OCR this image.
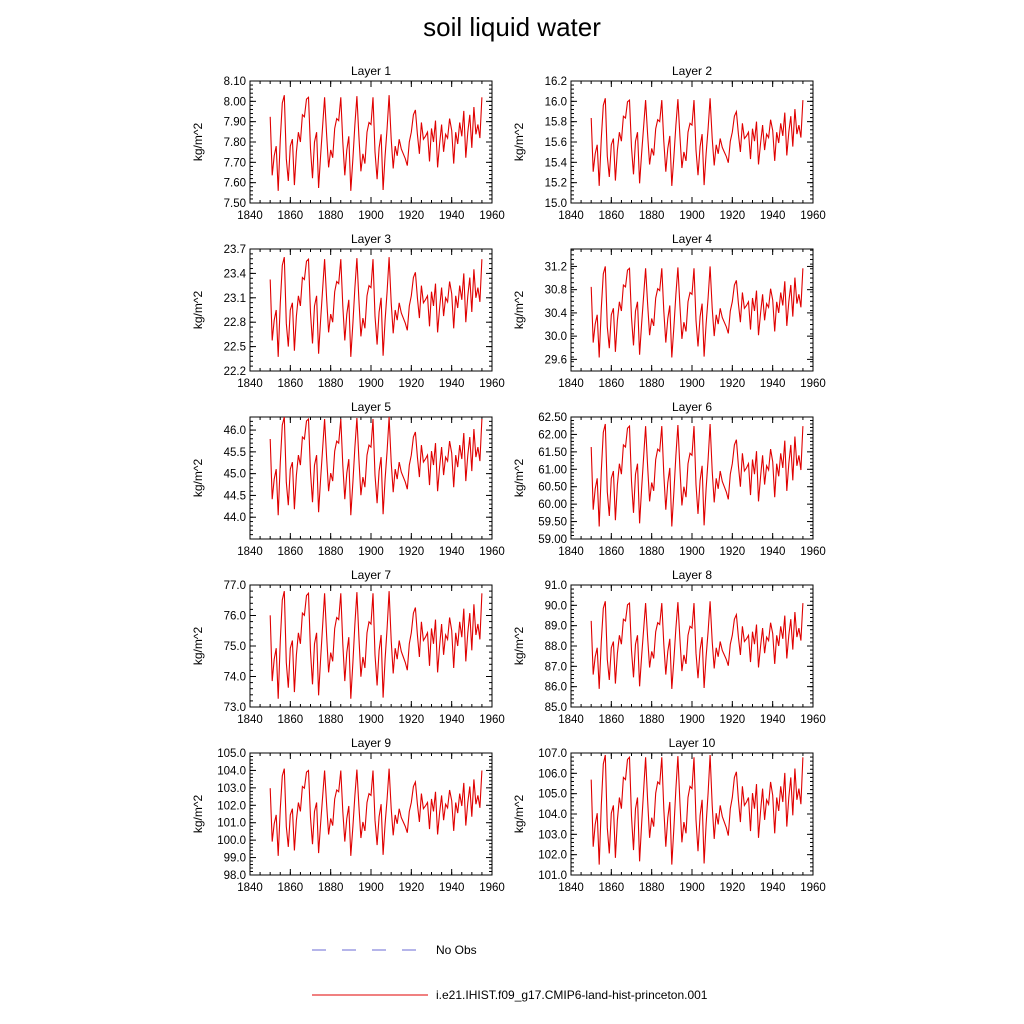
soil liquid water
Layer 1
kg/m^2
7.50
7.60
7.70
7.80
7.90
8.00
8.10
1840 1860 1880 1900 1920 1940 1960
Layer 2
kg/m^2
15.0
15.2
15.4
15.6
15.8
16.0
16.2
1840 1860 1880 1900 1920 1940 1960
Layer 3
kg/m^2
22.2
22.5
22.8
23.1
23.4
23.7
1840 1860 1880 1900 1920 1940 1960
Layer 4
kg/m^2
29.6
30.0
30.4
30.8
31.2
1840 1860 1880 1900 1920 1940 1960
Layer 5
kg/m^2
44.0
44.5
45.0
45.5
46.0
1840 1860 1880 1900 1920 1940 1960
Layer 6
kg/m^2
59.00
59.50
60.00
60.50
61.00
61.50
62.00
62.50
1840 1860 1880 1900 1920 1940 1960
Layer 7
kg/m^2
73.0
74.0
75.0
76.0
77.0
1840 1860 1880 1900 1920 1940 1960
Layer 8
kg/m^2
85.0
86.0
87.0
88.0
89.0
90.0
91.0
1840 1860 1880 1900 1920 1940 1960
Layer 9
kg/m^2
98.0
99.0
100.0
101.0
102.0
103.0
104.0
105.0
1840 1860 1880 1900 1920 1940 1960
Layer 10
kg/m^2
101.0
102.0
103.0
104.0
105.0
106.0
107.0
1840 1860 1880 1900 1920 1940 1960
No Obs
i.e21.IHIST.f09_g17.CMIP6-land-hist-princeton.001
